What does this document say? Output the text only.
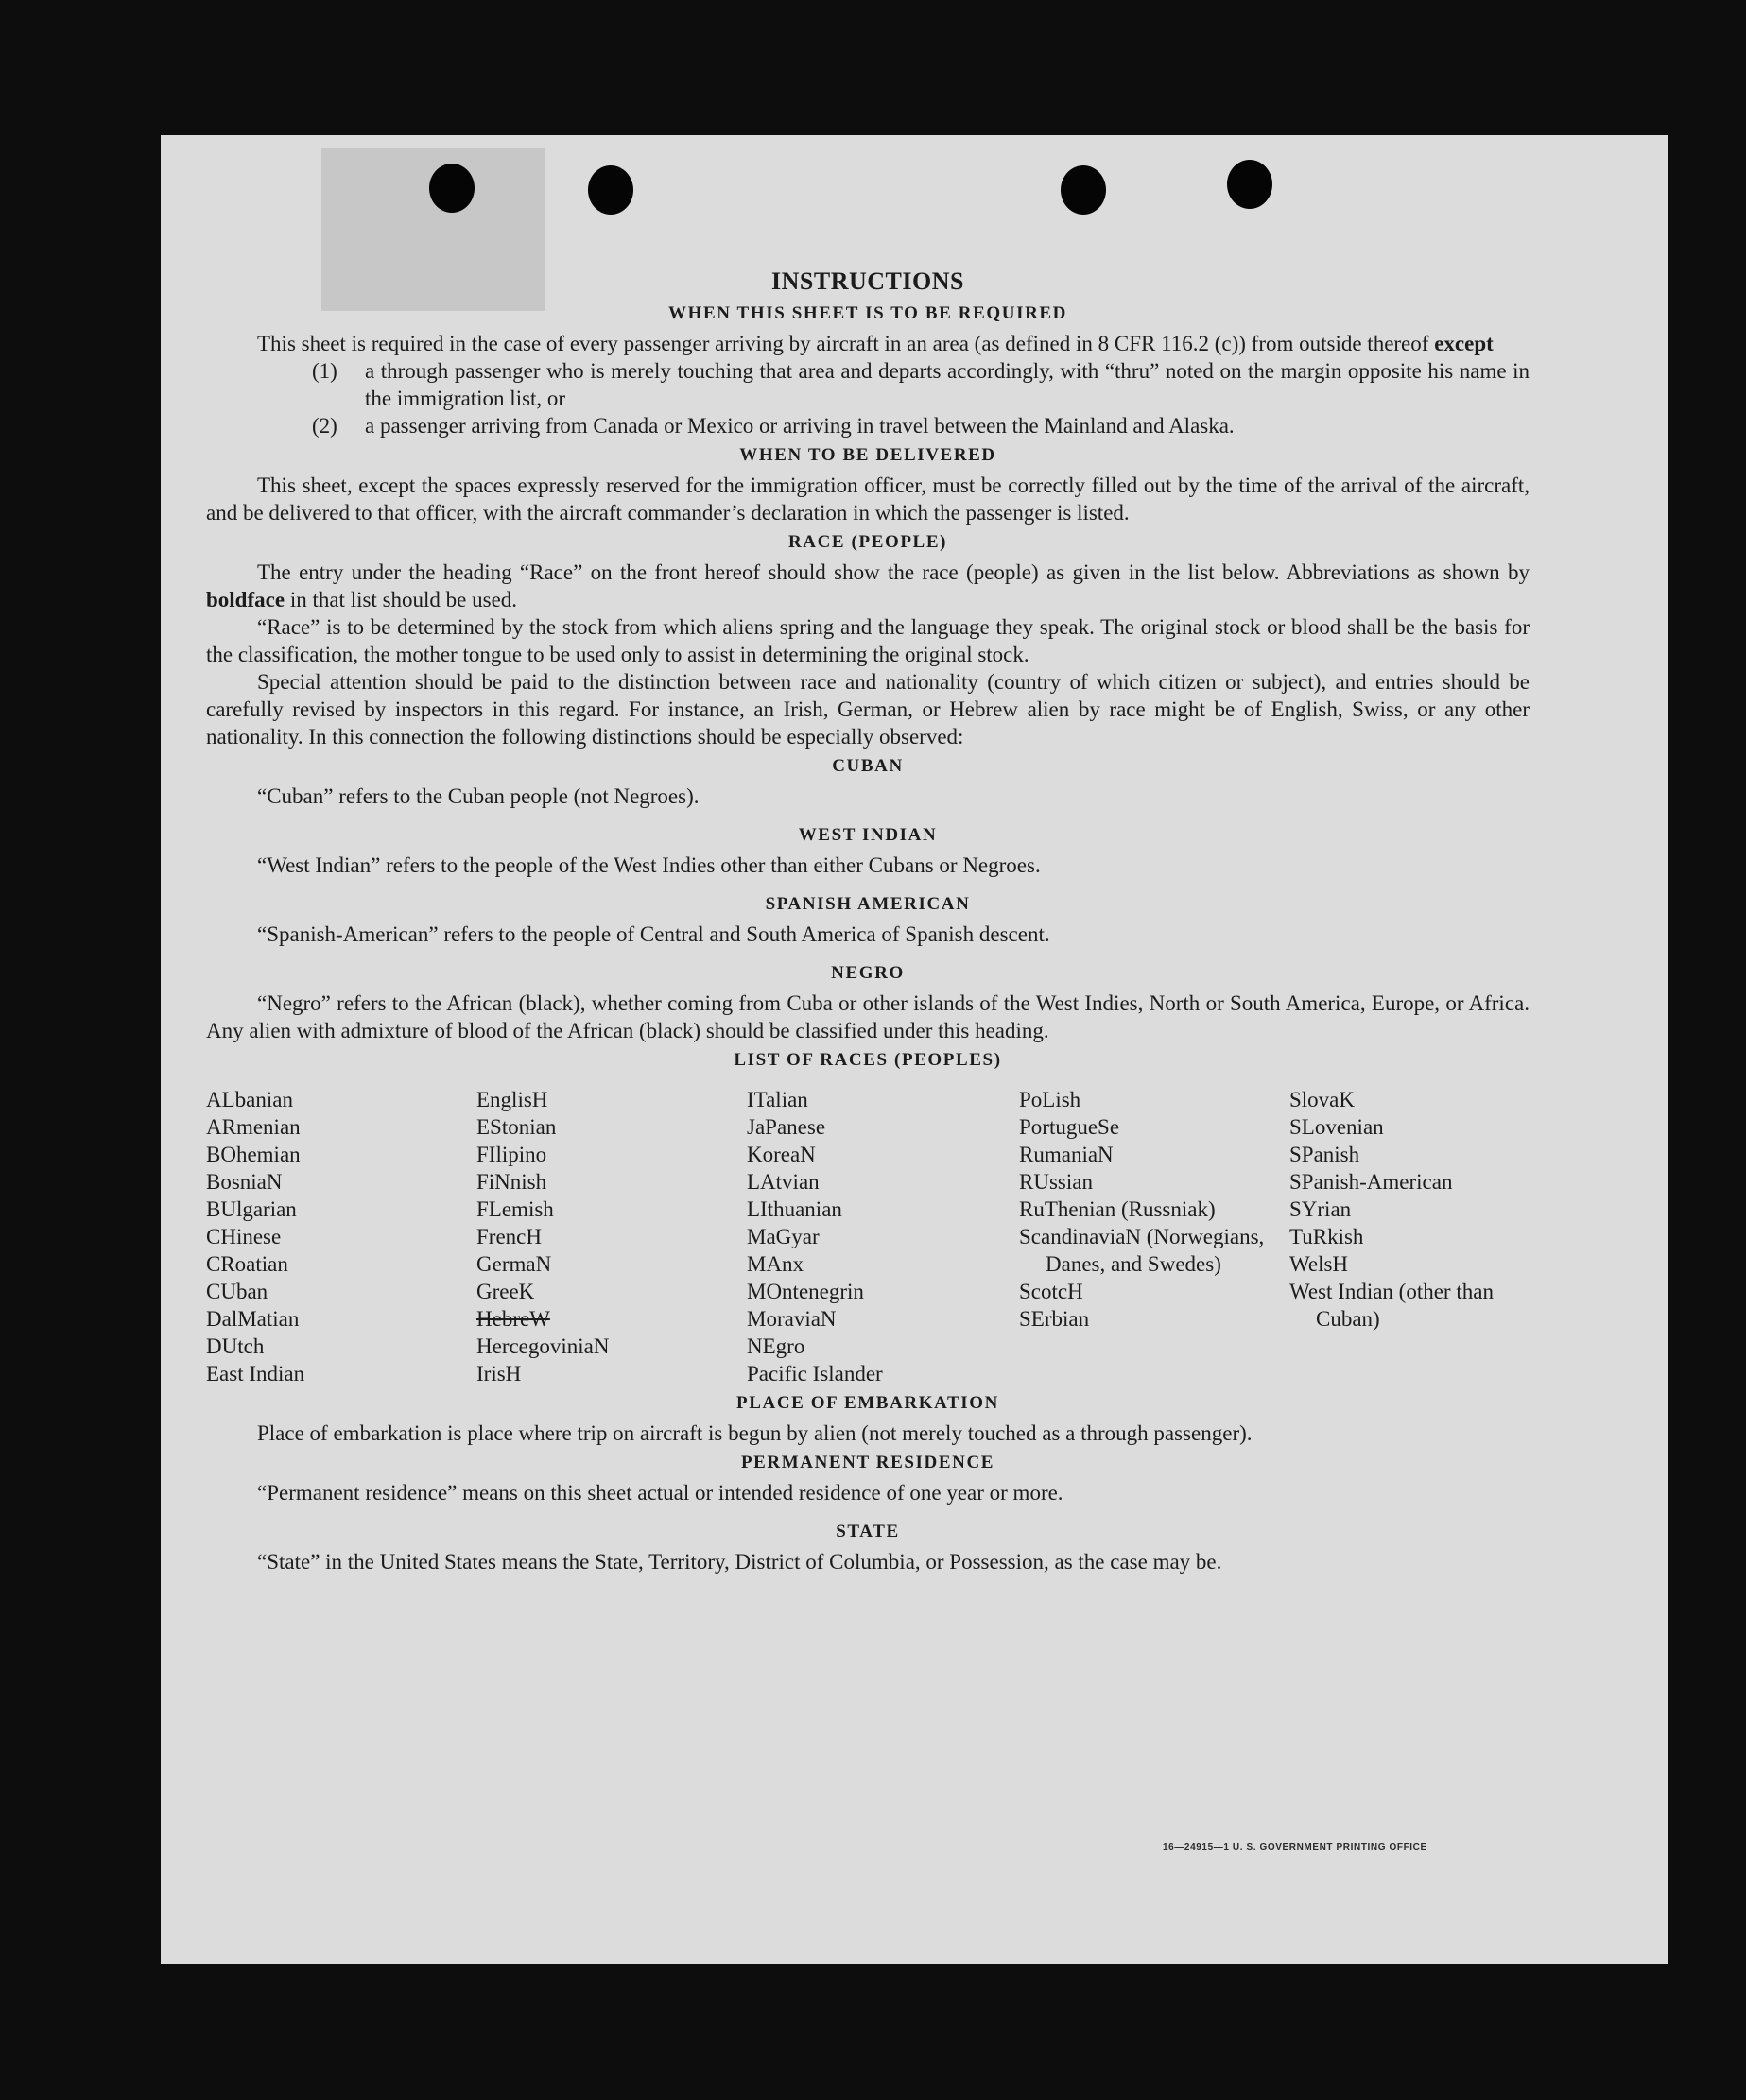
INSTRUCTIONS
WHEN THIS SHEET IS TO BE REQUIRED

This sheet is required in the case of every passenger arriving by aircraft in an area (as defined in 8 CFR 116.2 (c)) from outside thereof except

(1)	a through passenger who is merely touching that area and departs accordingly, with “thru” noted on the margin opposite his name in the immigration list, or
(2)	a passenger arriving from Canada or Mexico or arriving in travel between the Mainland and Alaska.
WHEN TO BE DELIVERED

This sheet, except the spaces expressly reserved for the immigration officer, must be correctly filled out by the time of the arrival of the aircraft, and be delivered to that officer, with the aircraft commander’s declaration in which the passenger is listed.

RACE (PEOPLE)

The entry under the heading “Race” on the front hereof should show the race (people) as given in the list below. Abbreviations as shown by boldface in that list should be used.

“Race” is to be determined by the stock from which aliens spring and the language they speak. The original stock or blood shall be the basis for the classification, the mother tongue to be used only to assist in determining the original stock.

Special attention should be paid to the distinction between race and nationality (country of which citizen or subject), and entries should be carefully revised by inspectors in this regard. For instance, an Irish, German, or Hebrew alien by race might be of English, Swiss, or any other nationality. In this connection the following distinctions should be especially observed:

CUBAN

“Cuban” refers to the Cuban people (not Negroes).

WEST INDIAN

“West Indian” refers to the people of the West Indies other than either Cubans or Negroes.

SPANISH AMERICAN

“Spanish-American” refers to the people of Central and South America of Spanish descent.

NEGRO

“Negro” refers to the African (black), whether coming from Cuba or other islands of the West Indies, North or South America, Europe, or Africa. Any alien with admixture of blood of the African (black) should be classified under this heading.

LIST OF RACES (PEOPLES)
ALbanian
ARmenian
BOhemian
BosniaN
BUlgarian
CHinese
CRoatian
CUban
DalMatian
DUtch
East Indian
EnglisH
EStonian
FIlipino
FiNnish
FLemish
FrencH
GermaN
GreeK
HebreW
HercegoviniaN
IrisH
ITalian
JaPanese
KoreaN
LAtvian
LIthuanian
MaGyar
MAnx
MOntenegrin
MoraviaN
NEgro
Pacific Islander
PoLish
PortugueSe
RumaniaN
RUssian
RuThenian (Russniak)
ScandinaviaN (Norwegians, Danes, and Swedes)
ScotcH
SErbian
SlovaK
SLovenian
SPanish
SPanish-American
SYrian
TuRkish
WelsH
West Indian (other than Cuban)
PLACE OF EMBARKATION

Place of embarkation is place where trip on aircraft is begun by alien (not merely touched as a through passenger).

PERMANENT RESIDENCE

“Permanent residence” means on this sheet actual or intended residence of one year or more.

STATE

“State” in the United States means the State, Territory, District of Columbia, or Possession, as the case may be.

16—24915—1 U. S. GOVERNMENT PRINTING OFFICE
